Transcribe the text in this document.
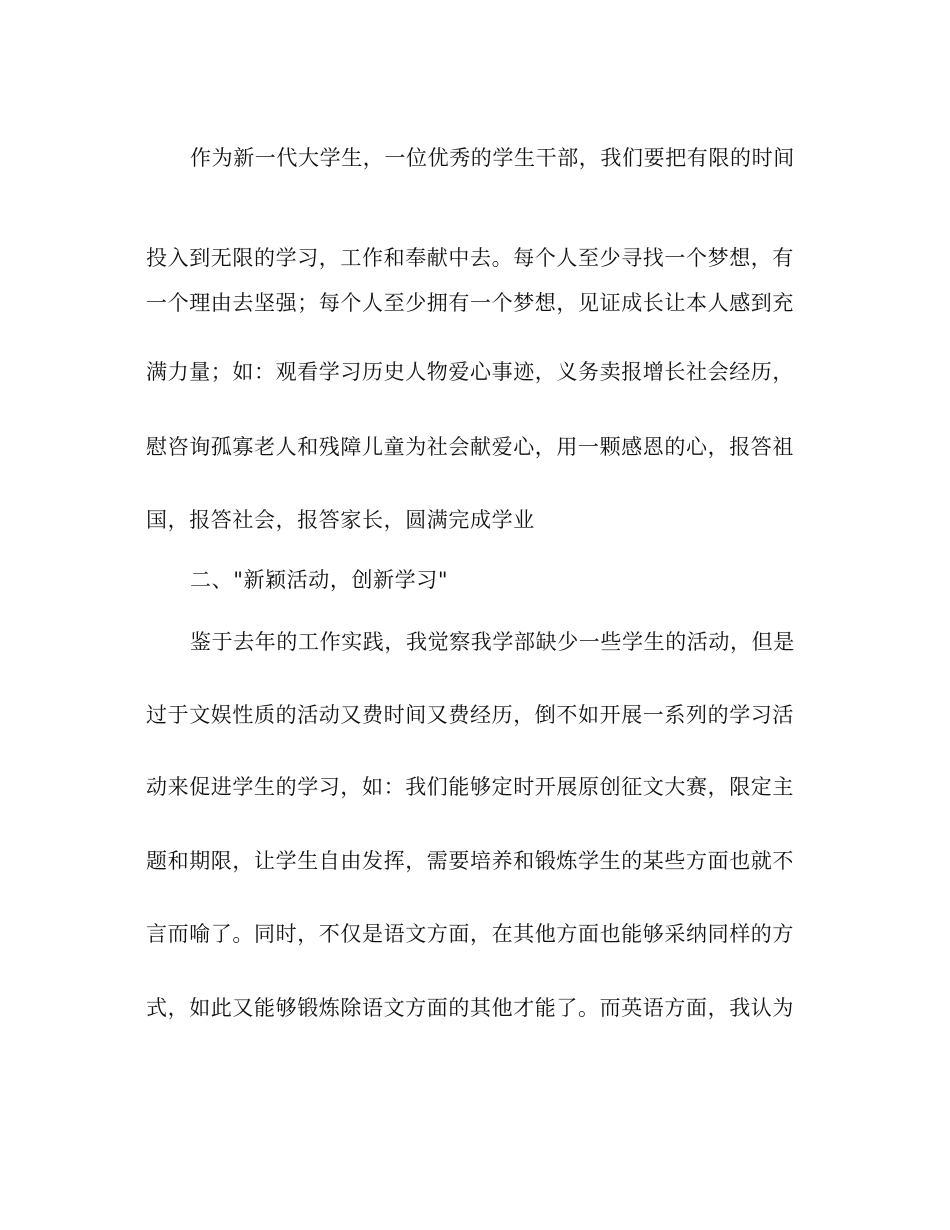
作为新一代大学生，一位优秀的学生干部，我们要把有限的时间
投入到无限的学习，工作和奉献中去。每个人至少寻找一个梦想，有
一个理由去坚强；每个人至少拥有一个梦想，见证成长让本人感到充
满力量；如：观看学习历史人物爱心事迹，义务卖报增长社会经历，
慰咨询孤寡老人和残障儿童为社会献爱心，用一颗感恩的心，报答祖
国，报答社会，报答家长，圆满完成学业
二、"新颖活动，创新学习"
鉴于去年的工作实践，我觉察我学部缺少一些学生的活动，但是
过于文娱性质的活动又费时间又费经历，倒不如开展一系列的学习活
动来促进学生的学习，如：我们能够定时开展原创征文大赛，限定主
题和期限，让学生自由发挥，需要培养和锻炼学生的某些方面也就不
言而喻了。同时，不仅是语文方面，在其他方面也能够采纳同样的方
式，如此又能够锻炼除语文方面的其他才能了。而英语方面，我认为
